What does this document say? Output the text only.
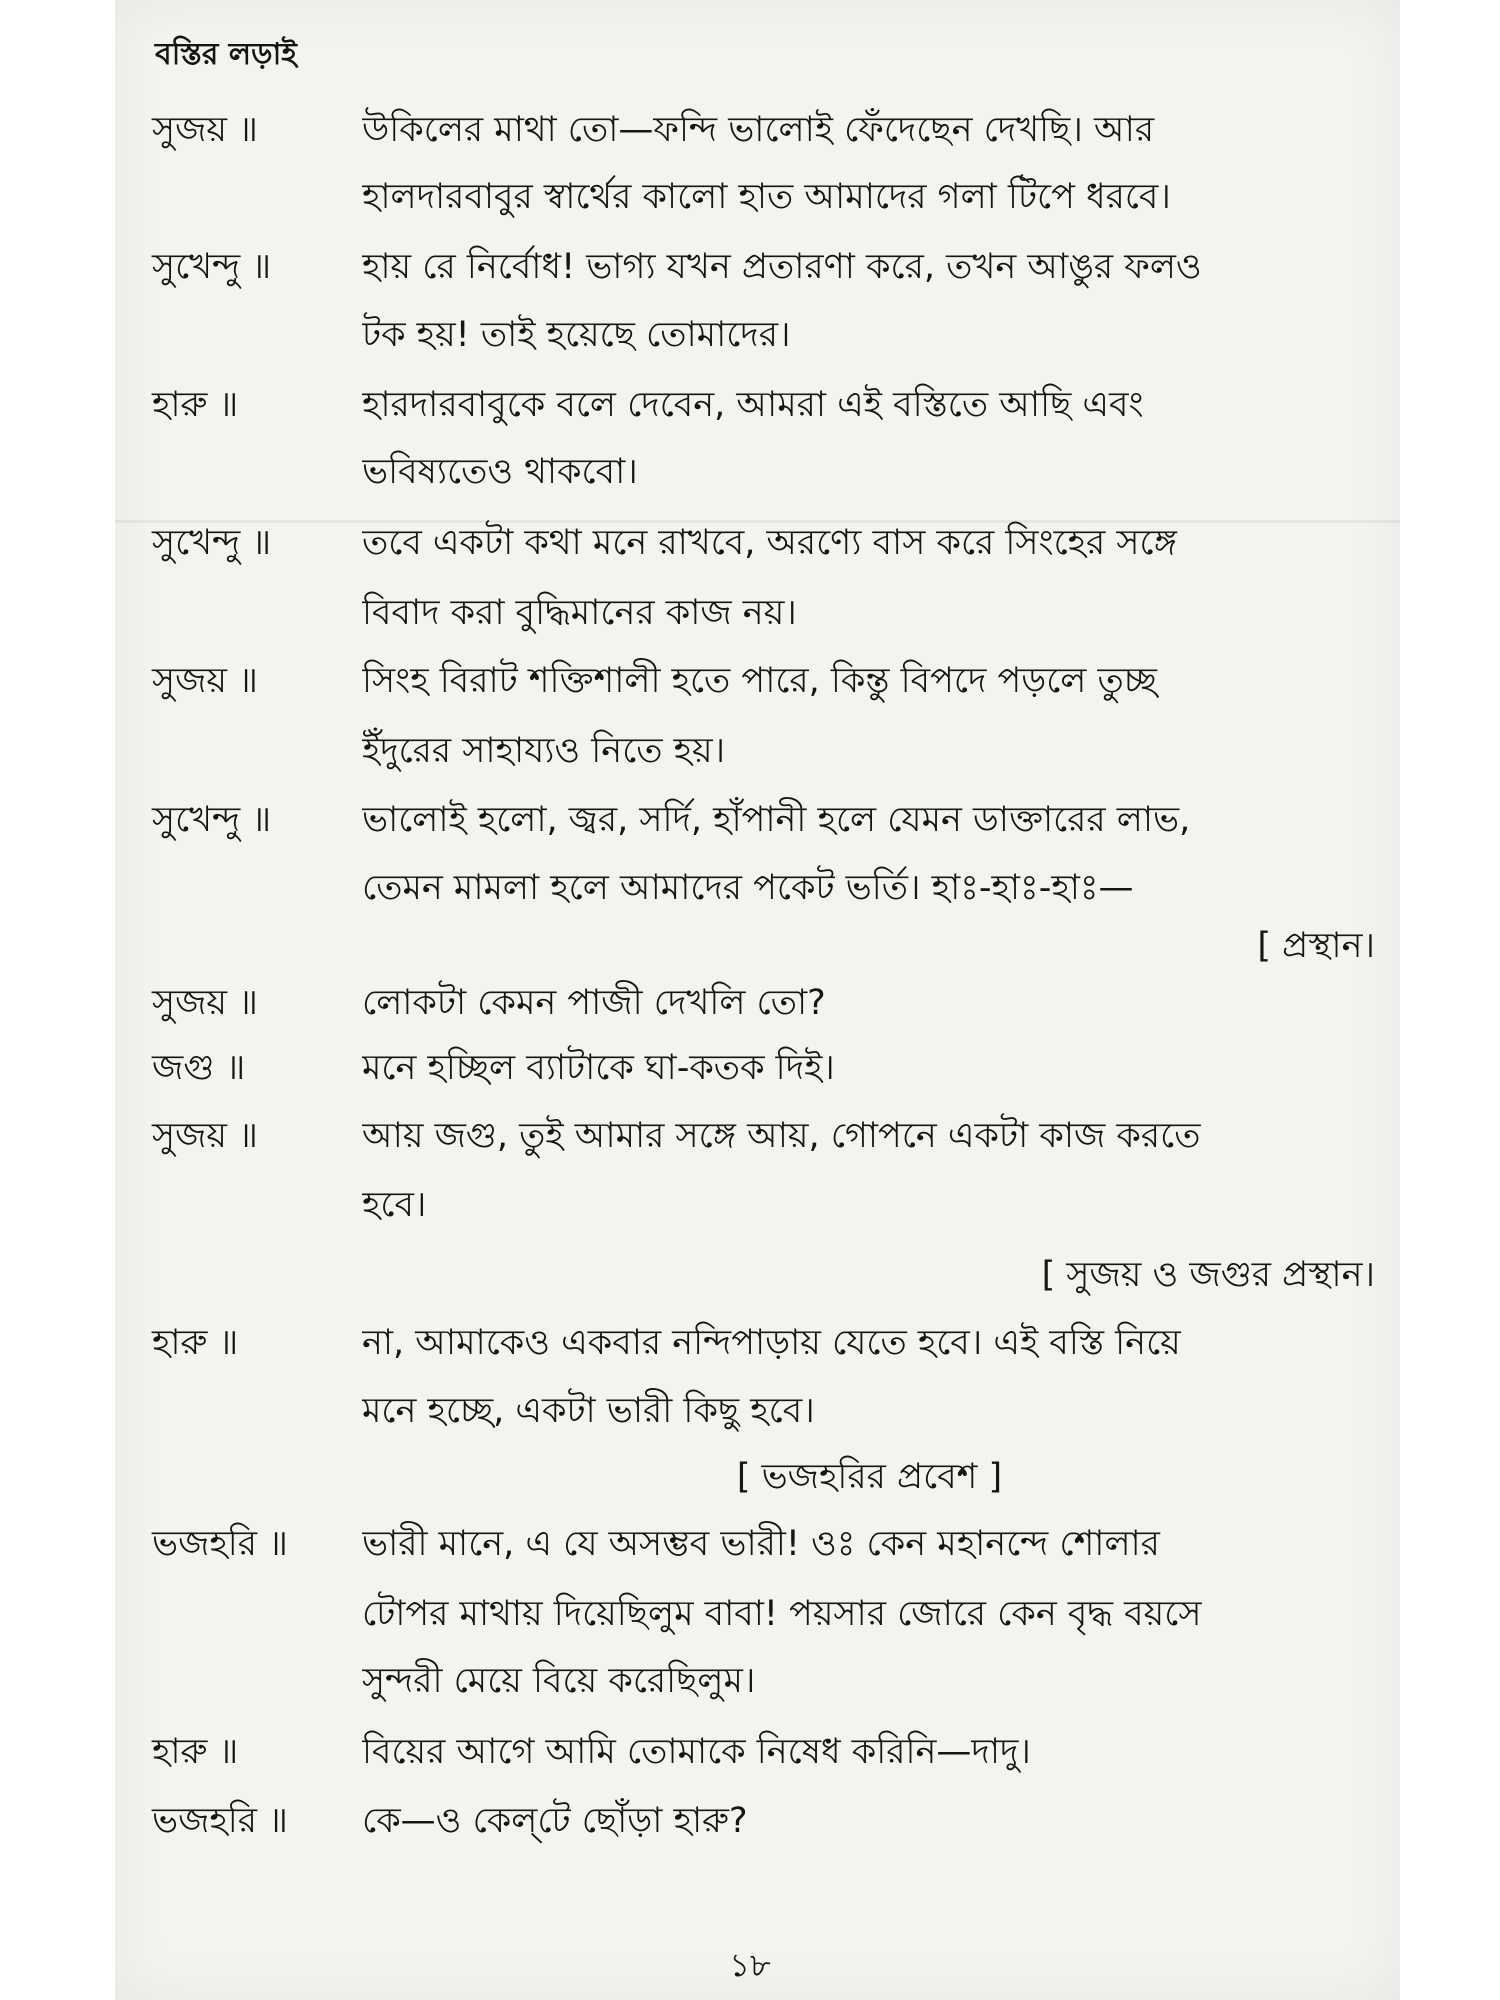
বস্তির লড়াই
সুজয় ॥	উকিলের মাথা তো—ফন্দি ভালোই ফেঁদেছেন দেখছি। আর
হালদারবাবুর স্বার্থের কালো হাত আমাদের গলা টিপে ধরবে।
সুখেন্দু ॥	হায় রে নির্বোধ! ভাগ্য যখন প্রতারণা করে, তখন আঙুর ফলও
টক হয়! তাই হয়েছে তোমাদের।
হারু ॥	হারদারবাবুকে বলে দেবেন, আমরা এই বস্তিতে আছি এবং
ভবিষ্যতেও থাকবো।
সুখেন্দু ॥	তবে একটা কথা মনে রাখবে, অরণ্যে বাস করে সিংহের সঙ্গে
বিবাদ করা বুদ্ধিমানের কাজ নয়।
সুজয় ॥	সিংহ বিরাট শক্তিশালী হতে পারে, কিন্তু বিপদে পড়লে তুচ্ছ
ইঁদুরের সাহায্যও নিতে হয়।
সুখেন্দু ॥	ভালোই হলো, জ্বর, সর্দি, হাঁপানী হলে যেমন ডাক্তারের লাভ,
তেমন মামলা হলে আমাদের পকেট ভর্তি। হাঃ-হাঃ-হাঃ—
[ প্রস্থান।
সুজয় ॥	লোকটা কেমন পাজী দেখলি তো?
জগু ॥	মনে হচ্ছিল ব্যাটাকে ঘা-কতক দিই।
সুজয় ॥	আয় জগু, তুই আমার সঙ্গে আয়, গোপনে একটা কাজ করতে
হবে।
[ সুজয় ও জগুর প্রস্থান।
হারু ॥	না, আমাকেও একবার নন্দিপাড়ায় যেতে হবে। এই বস্তি নিয়ে
মনে হচ্ছে, একটা ভারী কিছু হবে।
[ ভজহরির প্রবেশ ]
ভজহরি ॥ ভারী মানে, এ যে অসম্ভব ভারী! ওঃ কেন মহানন্দে শোলার
টোপর মাথায় দিয়েছিলুম বাবা! পয়সার জোরে কেন বৃদ্ধ বয়সে
সুন্দরী মেয়ে বিয়ে করেছিলুম।
হারু ॥	বিয়ের আগে আমি তোমাকে নিষেধ করিনি—দাদু।
ভজহরি ॥ কে—ও কেল্‌টে ছোঁড়া হারু?
১৮
